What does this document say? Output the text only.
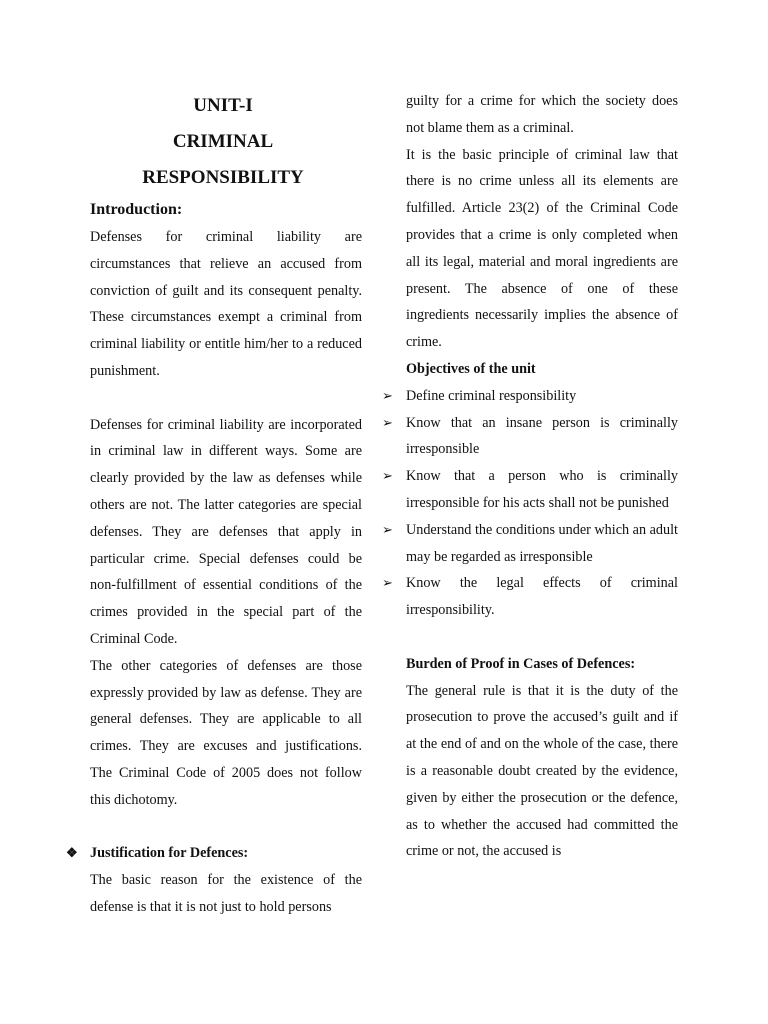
UNIT-I
CRIMINAL
RESPONSIBILITY
Introduction:

Defenses for criminal liability are circumstances that relieve an accused from conviction of guilt and its consequent penalty. These circumstances exempt a criminal from criminal liability or entitle him/her to a reduced punishment.

Defenses for criminal liability are incorporated in criminal law in different ways. Some are clearly provided by the law as defenses while others are not. The latter categories are special defenses. They are defenses that apply in particular crime. Special defenses could be non-fulfillment of essential conditions of the crimes provided in the special part of the Criminal Code.

The other categories of defenses are those expressly provided by law as defense. They are general defenses. They are applicable to all crimes. They are excuses and justifications. The Criminal Code of 2005 does not follow this dichotomy.

❖ Justification for Defences:

The basic reason for the existence of the defense is that it is not just to hold persons

guilty for a crime for which the society does not blame them as a criminal.

It is the basic principle of criminal law that there is no crime unless all its elements are fulfilled. Article 23(2) of the Criminal Code provides that a crime is only completed when all its legal, material and moral ingredients are present. The absence of one of these ingredients necessarily implies the absence of crime.

Objectives of the unit
➢ Define criminal responsibility
➢ Know that an insane person is criminally irresponsible
➢ Know that a person who is criminally irresponsible for his acts shall not be punished
➢ Understand the conditions under which an adult may be regarded as irresponsible
➢ Know the legal effects of criminal irresponsibility.
Burden of Proof in Cases of Defences:

The general rule is that it is the duty of the prosecution to prove the accused’s guilt and if at the end of and on the whole of the case, there is a reasonable doubt created by the evidence, given by either the prosecution or the defence, as to whether the accused had committed the crime or not, the accused is
